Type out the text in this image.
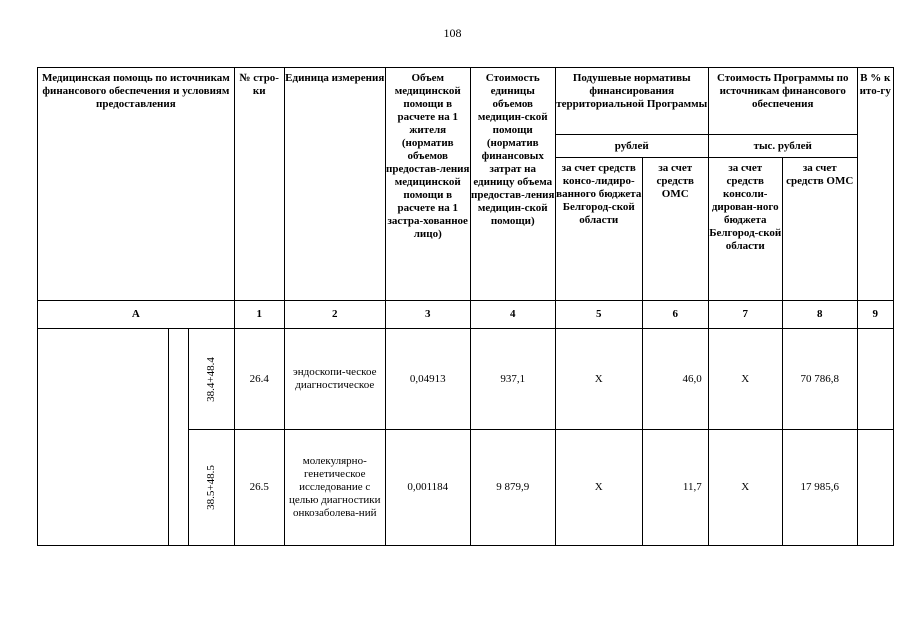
108
Медицинская помощь по источникам финансового обеспечения и условиям предоставления			№ стро-ки	Единица измерения	Объем медицинской помощи в расчете на 1 жителя (норматив объемов предостав-ления медицинской помощи в расчете на 1 застра-хованное лицо)	Стоимость единицы объемов медицин-ской помощи (норматив финансовых затрат на единицу объема предостав-ления медицин-ской помощи)	Подушевые нормативы финансирования территориальной Программы		Стоимость Программы по источникам финансового обеспечения		В % к ито-гу
							рублей		тыс. рублей		
							за счет средств консо-лидиро-ванного бюджета Белгород-ской области	за счет средств ОМС	за счет средств консоли-дирован-ного бюджета Белгород-ской области	за счет средств ОМС	
А			1	2	3	4	5	6	7	8	9
		38.4+48.4	26.4	эндоскопи-ческое диагностическое	0,04913	937,1	Х	46,0	Х	70 786,8	
		38.5+48.5	26.5	молекулярно-генетическое исследование с целью диагностики онкозаболева-ний	0,001184	9 879,9	Х	11,7	Х	17 985,6	
